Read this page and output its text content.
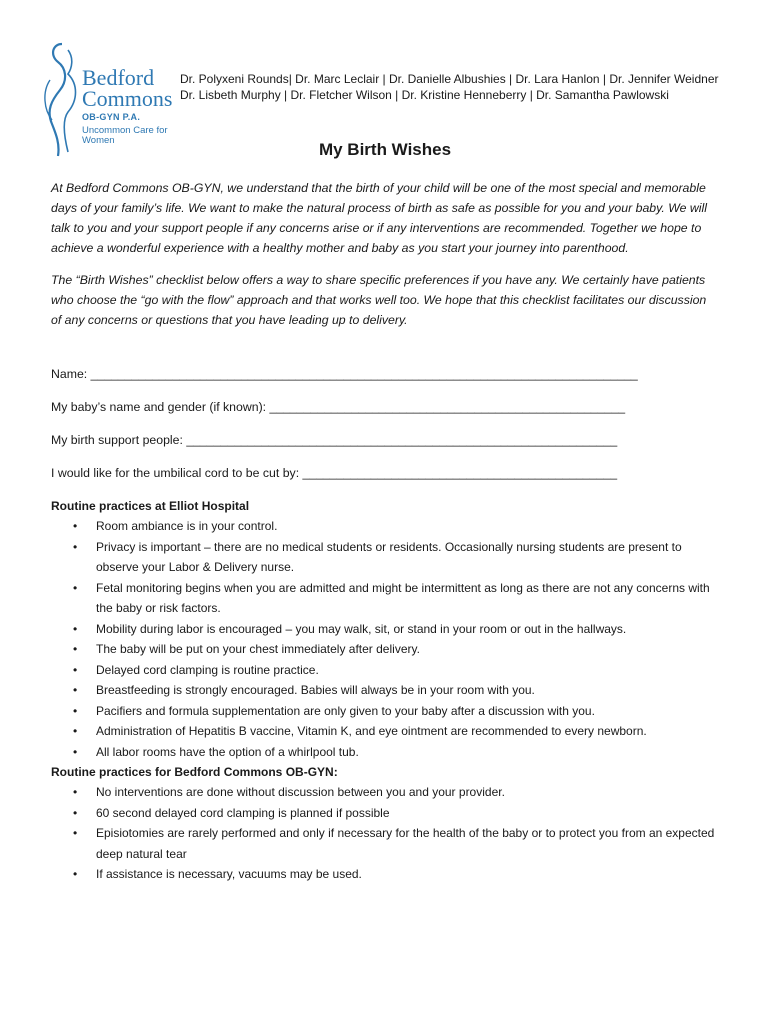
Bedford
Commons
OB-GYN P.A.
Uncommon Care for Women
Dr. Polyxeni Rounds| Dr. Marc Leclair | Dr. Danielle Albushies | Dr. Lara Hanlon | Dr. Jennifer Weidner
Dr. Lisbeth Murphy | Dr. Fletcher Wilson | Dr. Kristine Henneberry | Dr. Samantha Pawlowski
My Birth Wishes

At Bedford Commons OB-GYN, we understand that the birth of your child will be one of the most special and memorable days of your family’s life. We want to make the natural process of birth as safe as possible for you and your baby. We will talk to you and your support people if any concerns arise or if any interventions are recommended. Together we hope to achieve a wonderful experience with a healthy mother and baby as you start your journey into parenthood.

The “Birth Wishes” checklist below offers a way to share specific preferences if you have any. We certainly have patients who choose the “go with the flow” approach and that works well too. We hope that this checklist facilitates our discussion of any concerns or questions that you have leading up to delivery.

Name: ________________________________________________________________________________
My baby’s name and gender (if known): ____________________________________________________
My birth support people: _______________________________________________________________
I would like for the umbilical cord to be cut by: ______________________________________________
Routine practices at Elliot Hospital
• Room ambiance is in your control.
• Privacy is important – there are no medical students or residents. Occasionally nursing students are present to observe your Labor & Delivery nurse.
• Fetal monitoring begins when you are admitted and might be intermittent as long as there are not any concerns with the baby or risk factors.
• Mobility during labor is encouraged – you may walk, sit, or stand in your room or out in the hallways.
• The baby will be put on your chest immediately after delivery.
• Delayed cord clamping is routine practice.
• Breastfeeding is strongly encouraged. Babies will always be in your room with you.
• Pacifiers and formula supplementation are only given to your baby after a discussion with you.
• Administration of Hepatitis B vaccine, Vitamin K, and eye ointment are recommended to every newborn.
• All labor rooms have the option of a whirlpool tub.
Routine practices for Bedford Commons OB-GYN:
• No interventions are done without discussion between you and your provider.
• 60 second delayed cord clamping is planned if possible
• Episiotomies are rarely performed and only if necessary for the health of the baby or to protect you from an expected deep natural tear
• If assistance is necessary, vacuums may be used.
